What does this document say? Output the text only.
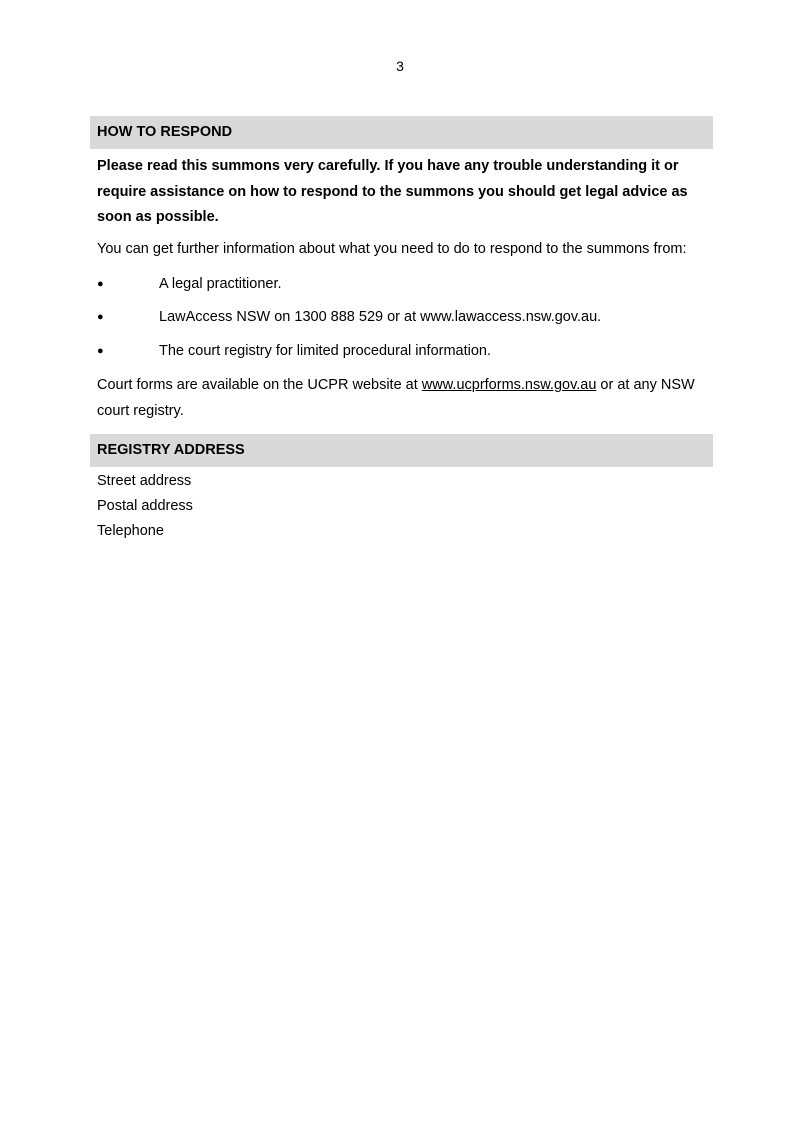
3
HOW TO RESPOND
Please read this summons very carefully. If you have any trouble understanding it or require assistance on how to respond to the summons you should get legal advice as soon as possible.
You can get further information about what you need to do to respond to the summons from:
●	A legal practitioner.
●	LawAccess NSW on 1300 888 529 or at www.lawaccess.nsw.gov.au.
●	The court registry for limited procedural information.
Court forms are available on the UCPR website at www.ucprforms.nsw.gov.au or at any NSW court registry.
REGISTRY ADDRESS
Street address
Postal address
Telephone
